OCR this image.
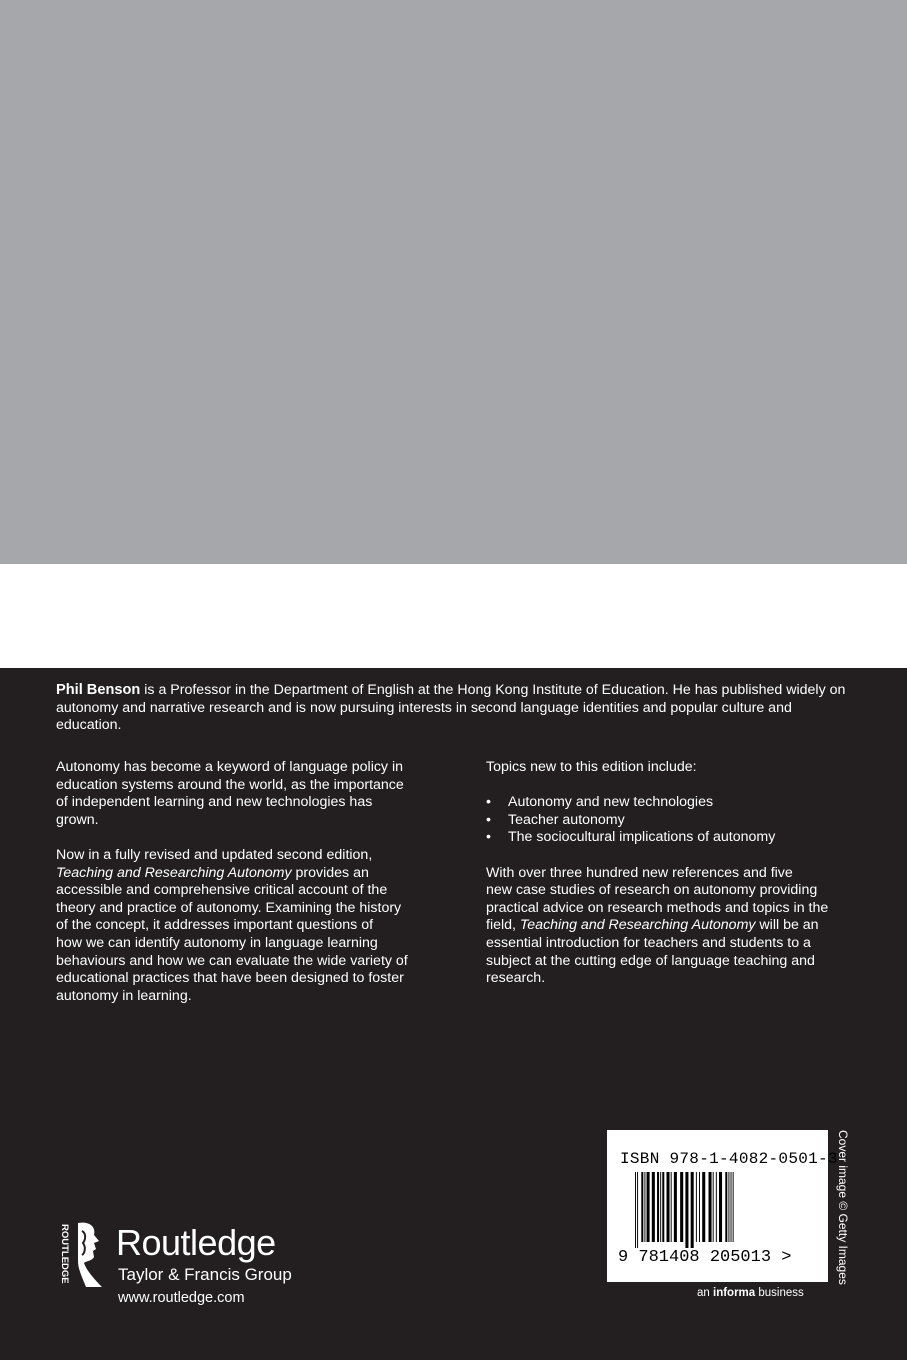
Phil Benson is a Professor in the Department of English at the Hong Kong Institute of Education. He has published widely on autonomy and narrative research and is now pursuing interests in second language identities and popular culture and education.

Autonomy has become a keyword of language policy in
education systems around the world, as the importance
of independent learning and new technologies has
grown.

Now in a fully revised and updated second edition,
Teaching and Researching Autonomy provides an
accessible and comprehensive critical account of the
theory and practice of autonomy. Examining the history
of the concept, it addresses important questions of
how we can identify autonomy in language learning
behaviours and how we can evaluate the wide variety of
educational practices that have been designed to foster
autonomy in learning.

Topics new to this edition include:

• Autonomy and new technologies
• Teacher autonomy
• The sociocultural implications of autonomy

With over three hundred new references and five
new case studies of research on autonomy providing
practical advice on research methods and topics in the
field, Teaching and Researching Autonomy will be an
essential introduction for teachers and students to a
subject at the cutting edge of language teaching and
research.

ROUTLEDGE Routledge
Taylor & Francis Group
www.routledge.com
ISBN 978-1-4082-0501-3
9 781408 205013 >
an informa business
Cover image © Getty Images
